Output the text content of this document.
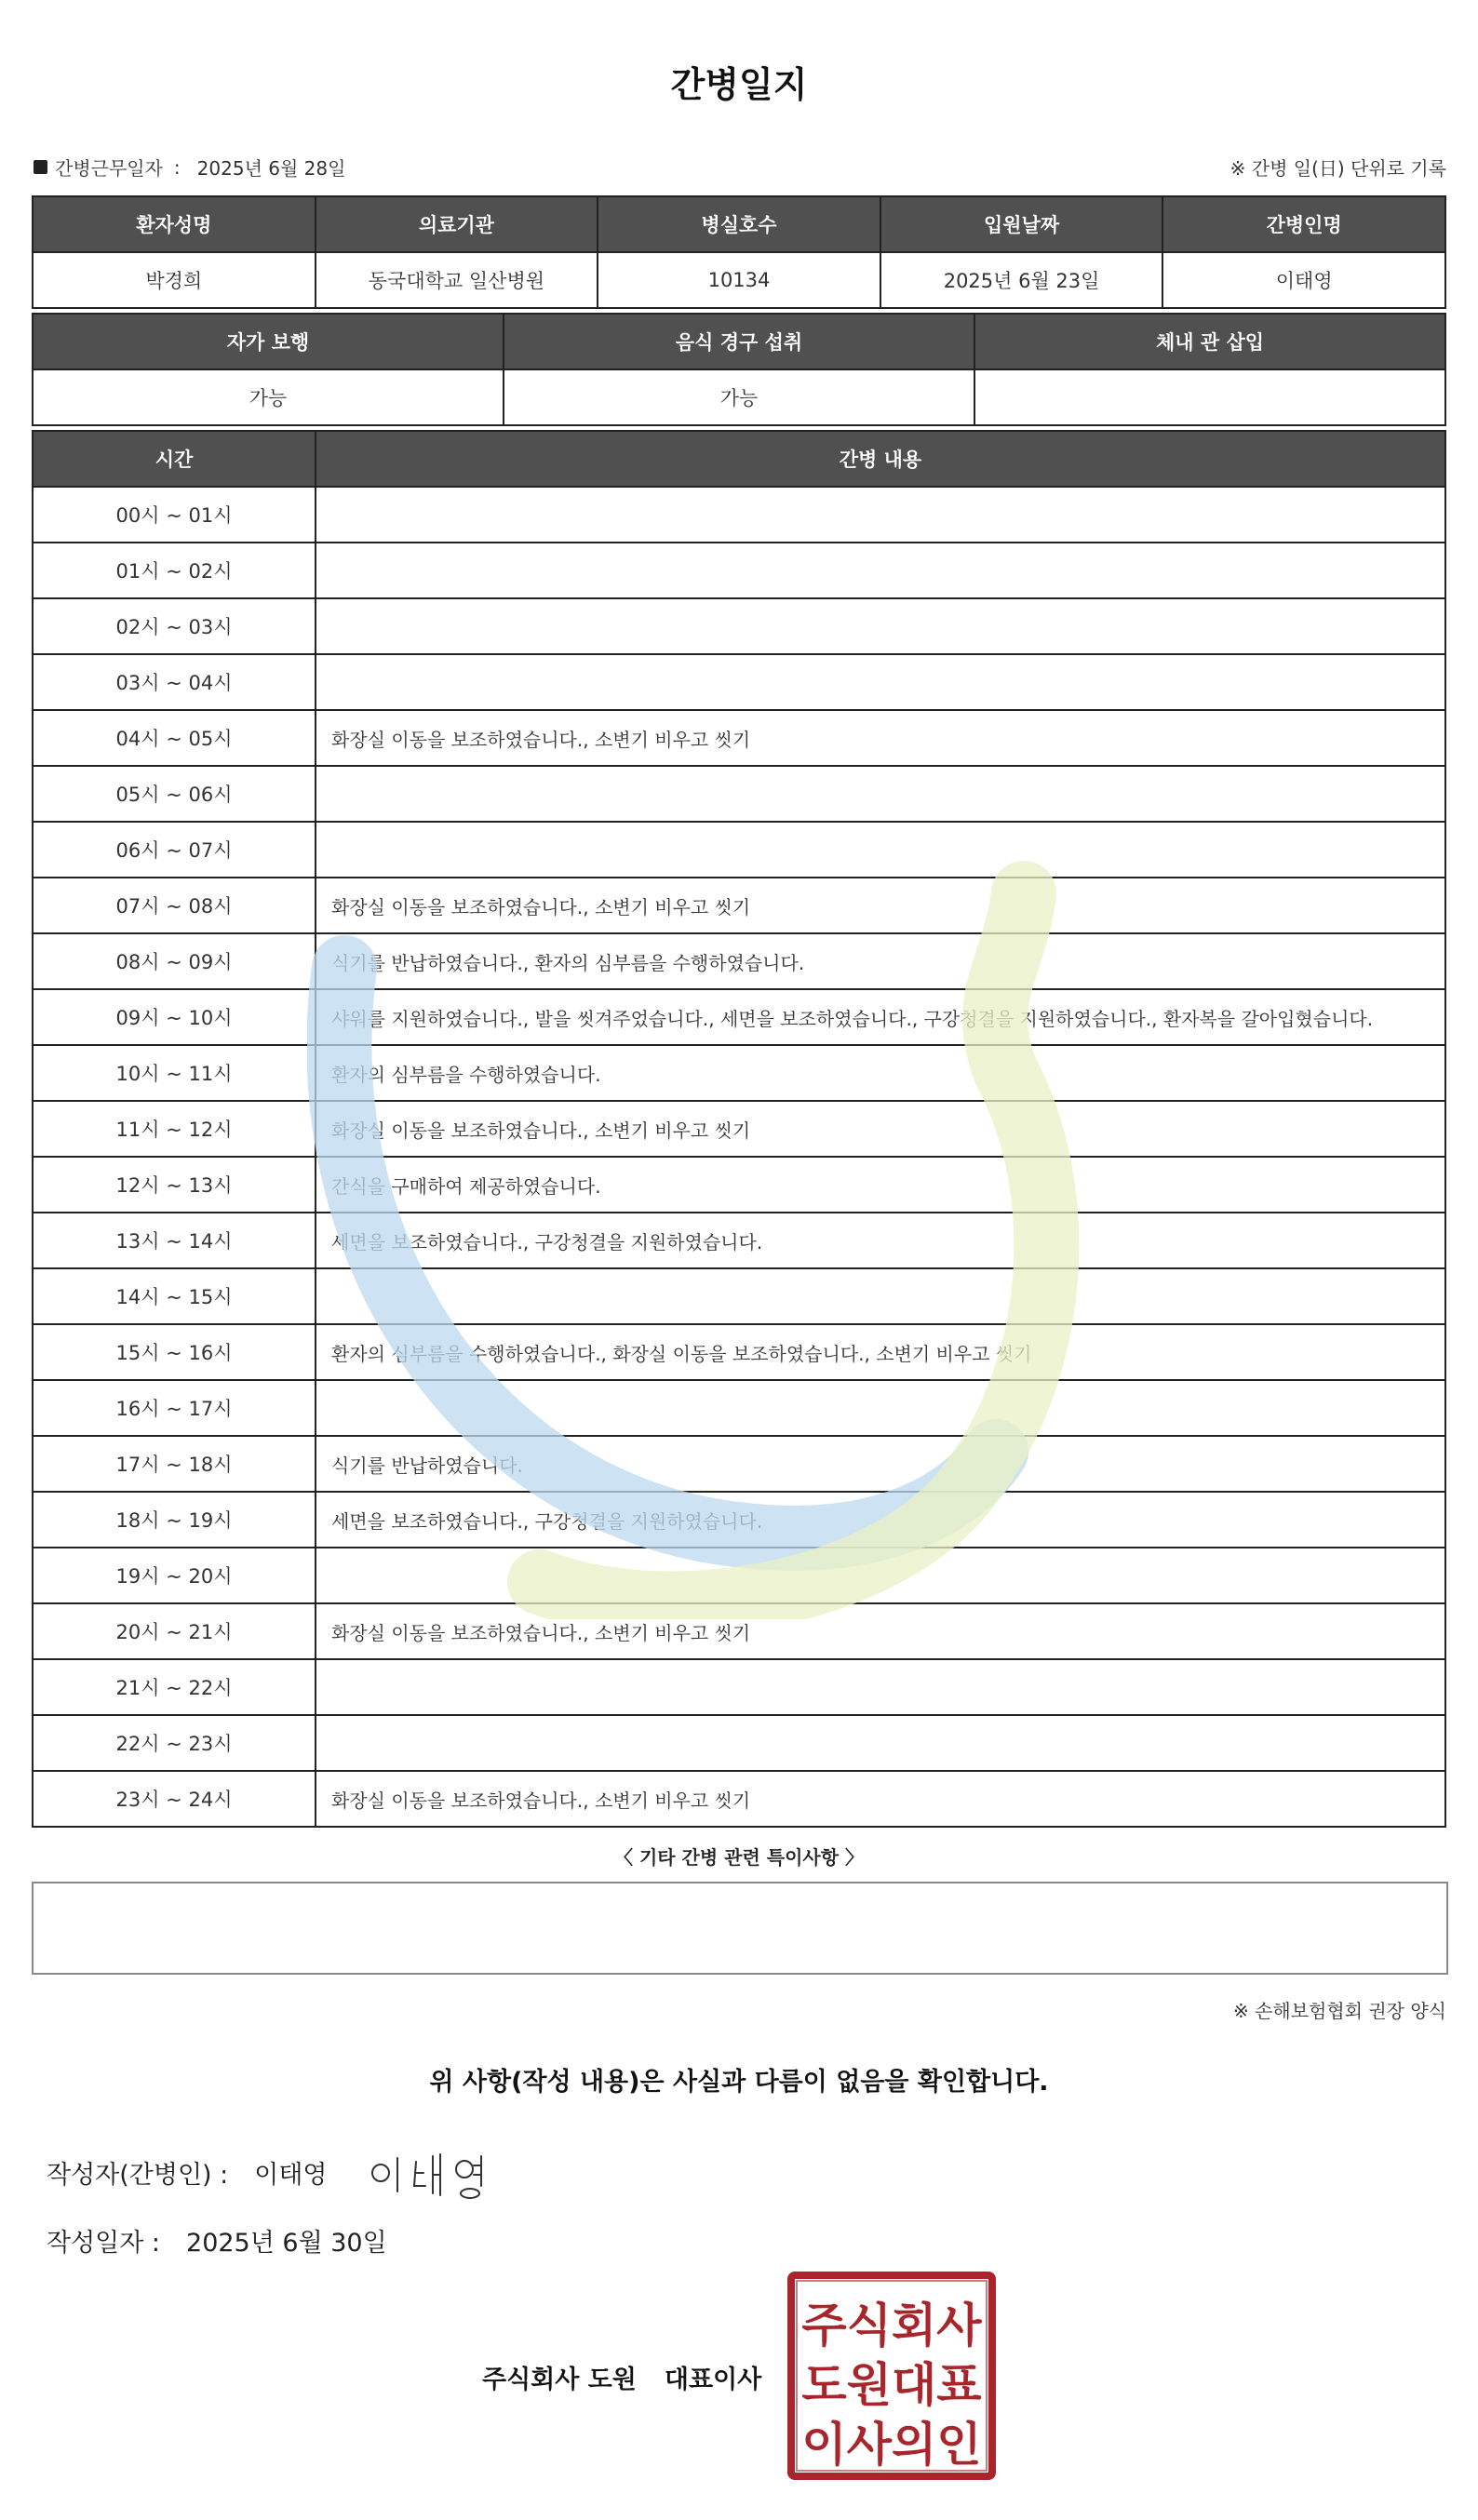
간병일지
간병근무일자 : 2025년 6월 28일	※ 간병 일(日) 단위로 기록
환자성명	의료기관	병실호수	입원날짜	간병인명
박경희	동국대학교 일산병원	10134	2025년 6월 23일	이태영
자가 보행	음식 경구 섭취	체내 관 삽입
가능	가능	
시간	간병 내용
00시 ~ 01시	
01시 ~ 02시	
02시 ~ 03시	
03시 ~ 04시	
04시 ~ 05시	화장실 이동을 보조하였습니다., 소변기 비우고 씻기
05시 ~ 06시	
06시 ~ 07시	
07시 ~ 08시	화장실 이동을 보조하였습니다., 소변기 비우고 씻기
08시 ~ 09시	식기를 반납하였습니다., 환자의 심부름을 수행하였습니다.
09시 ~ 10시	샤워를 지원하였습니다., 발을 씻겨주었습니다., 세면을 보조하였습니다., 구강청결을 지원하였습니다., 환자복을 갈아입혔습니다.
10시 ~ 11시	환자의 심부름을 수행하였습니다.
11시 ~ 12시	화장실 이동을 보조하였습니다., 소변기 비우고 씻기
12시 ~ 13시	간식을 구매하여 제공하였습니다.
13시 ~ 14시	세면을 보조하였습니다., 구강청결을 지원하였습니다.
14시 ~ 15시	
15시 ~ 16시	환자의 심부름을 수행하였습니다., 화장실 이동을 보조하였습니다., 소변기 비우고 씻기
16시 ~ 17시	
17시 ~ 18시	식기를 반납하였습니다.
18시 ~ 19시	세면을 보조하였습니다., 구강청결을 지원하였습니다.
19시 ~ 20시	
20시 ~ 21시	화장실 이동을 보조하였습니다., 소변기 비우고 씻기
21시 ~ 22시	
22시 ~ 23시	
23시 ~ 24시	화장실 이동을 보조하였습니다., 소변기 비우고 씻기
〈 기타 간병 관련 특이사항 〉
※ 손해보험협회 권장 양식
위 사항(작성 내용)은 사실과 다름이 없음을 확인합니다.
작성자(간병인) : 이태영
작성일자 : 2025년 6월 30일
주식회사 도원 대표이사
주식회사
도원대표
이사의인
